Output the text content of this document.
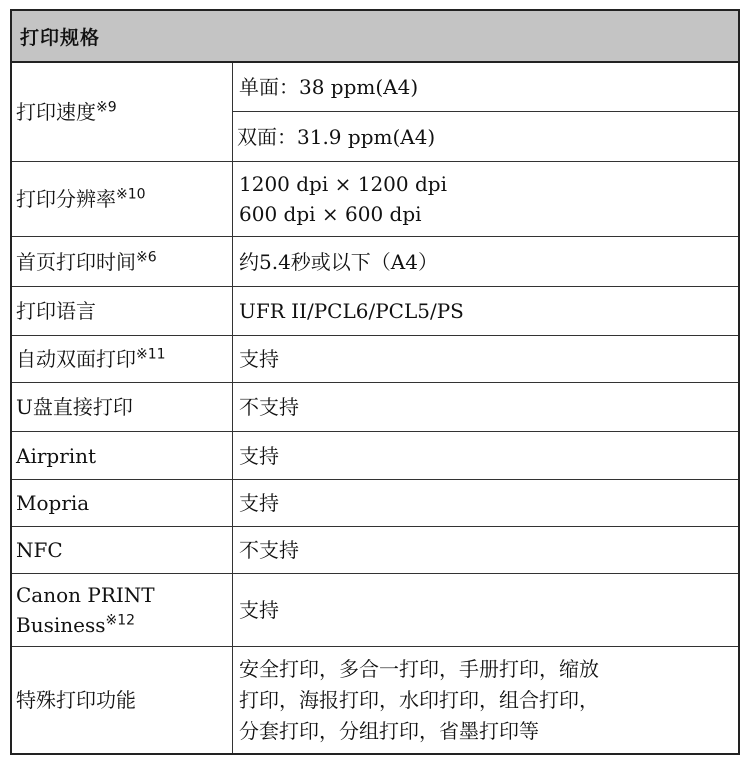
打印规格
打印速度$^{※9}$	单面：38 ppm(A4)
	双面：31.9 ppm(A4)
打印分辨率$^{※10}$	1200 dpi × 1200 dpi
600 dpi × 600 dpi

首页打印时间$^{※6}$	约5.4秒或以下（A4）
打印语言	UFR II/PCL6/PCL5/PS
自动双面打印$^{※11}$	支持
U盘直接打印	不支持
Airprint	支持
Mopria	支持
NFC	不支持

Canon PRINT
Business$^{※12}$	支持
特殊打印功能	安全打印，多合一打印，手册打印，缩放
打印，海报打印，水印打印，组合打印，
分套打印，分组打印，省墨打印等
